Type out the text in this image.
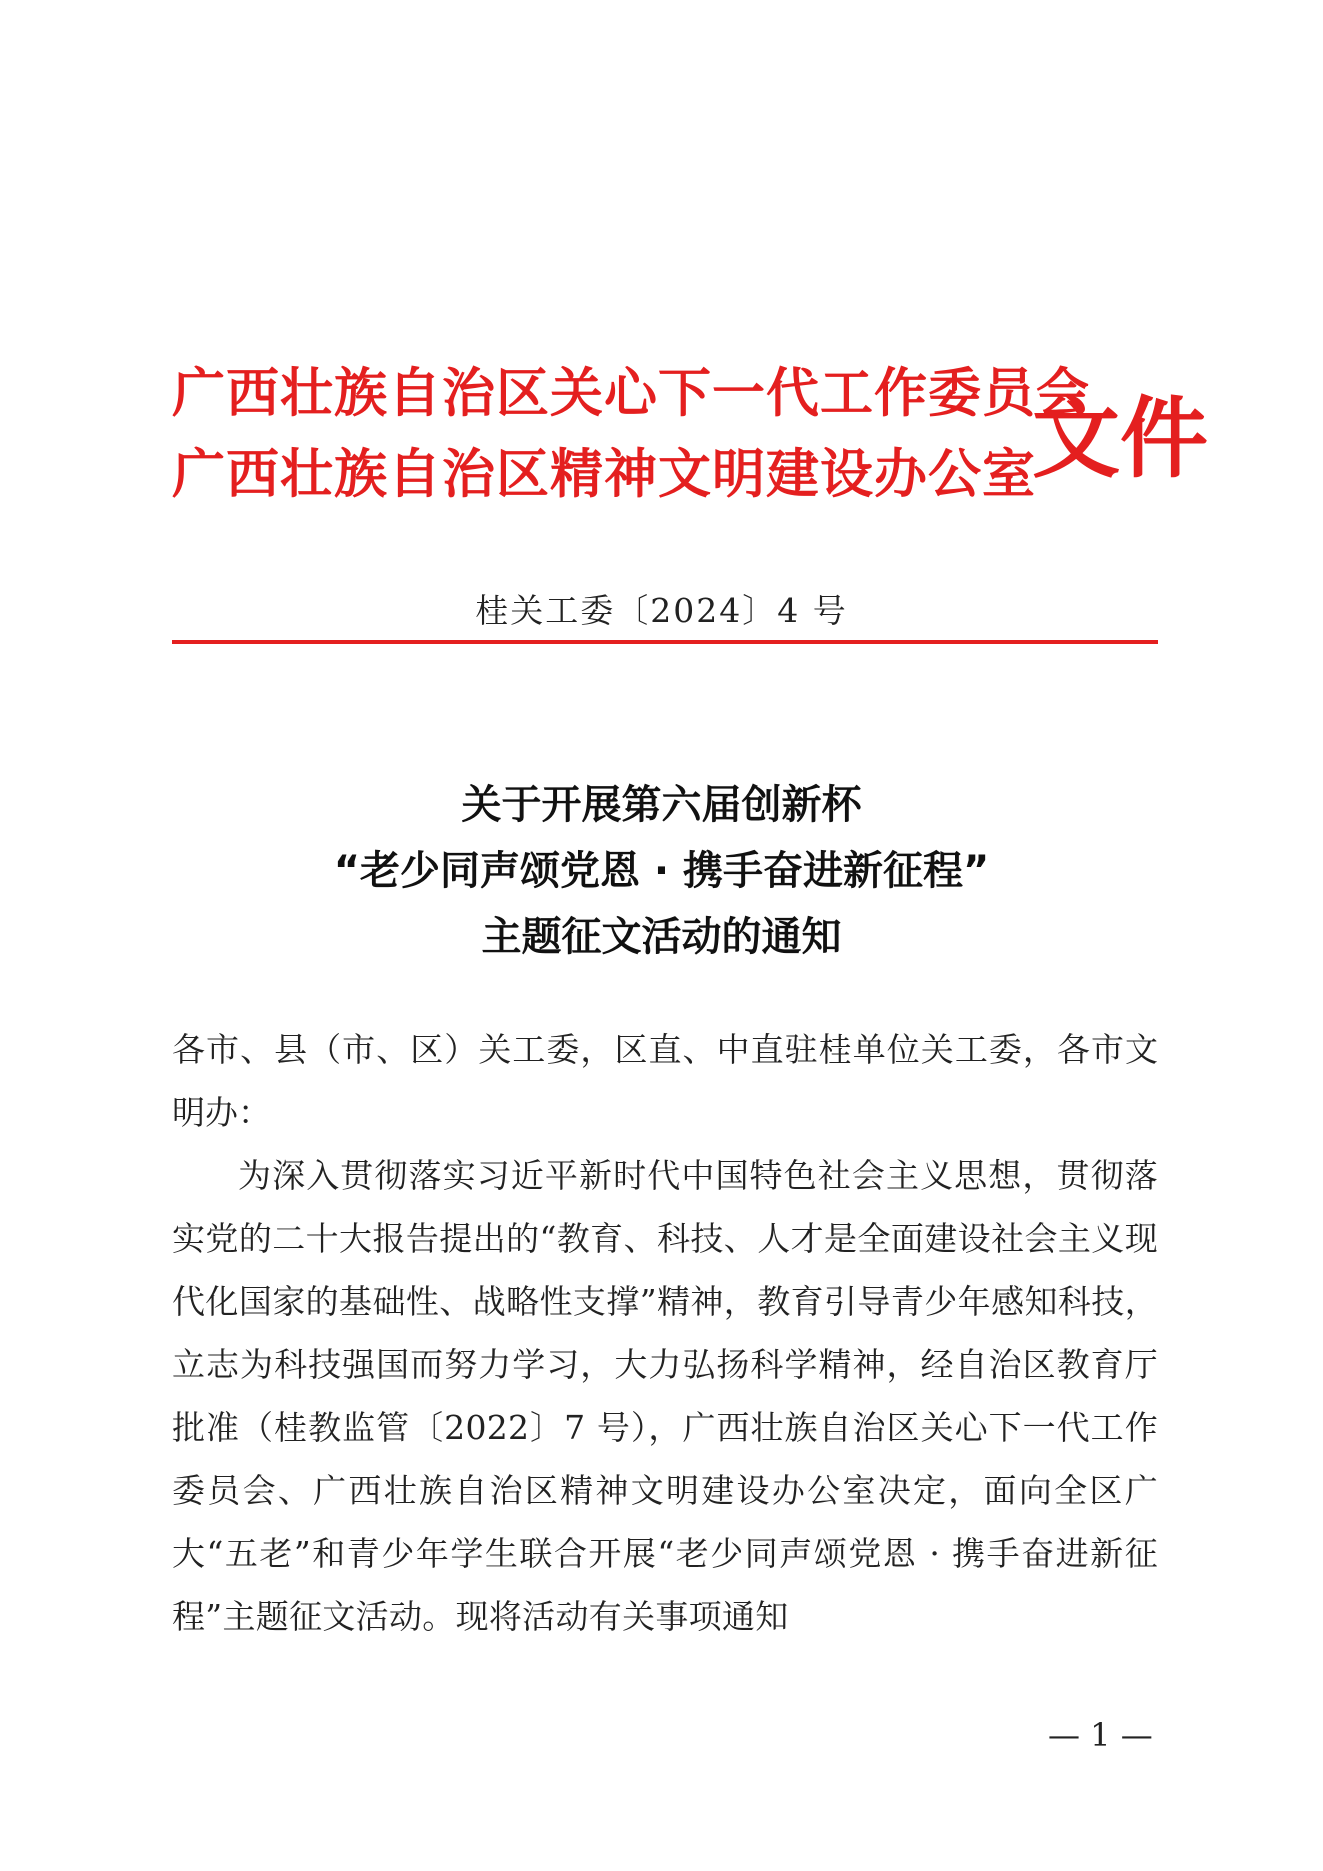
广西壮族自治区关心下一代工作委员会
广西壮族自治区精神文明建设办公室
文件
桂关工委〔2024〕4 号
关于开展第六届创新杯
“老少同声颂党恩 · 携手奋进新征程”
主题征文活动的通知

各市、县（市、区）关工委，区直、中直驻桂单位关工委，各市文明办：

为深入贯彻落实习近平新时代中国特色社会主义思想，贯彻落实党的二十大报告提出的“教育、科技、人才是全面建设社会主义现代化国家的基础性、战略性支撑”精神，教育引导青少年感知科技，立志为科技强国而努力学习，大力弘扬科学精神，经自治区教育厅批准（桂教监管〔2022〕7 号），广西壮族自治区关心下一代工作委员会、广西壮族自治区精神文明建设办公室决定，面向全区广大“五老”和青少年学生联合开展“老少同声颂党恩 · 携手奋进新征程”主题征文活动。现将活动有关事项通知

— 1 —
